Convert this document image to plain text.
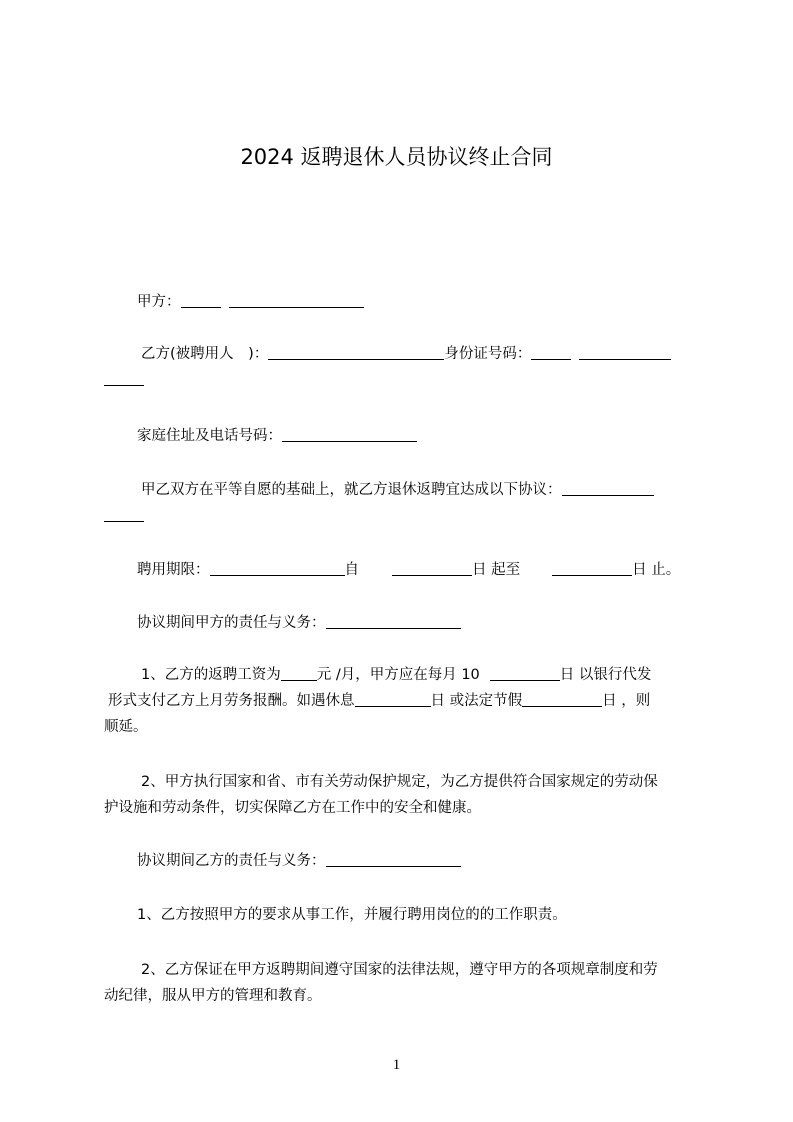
2024 返聘退休人员协议终止合同
甲方：
乙方(被聘用人　)：	身份证号码：
家庭住址及电话号码：
甲乙双方在平等自愿的基础上，就乙方退休返聘宜达成以下协议：
聘用期限：	自	日 起至	日 止。
协议期间甲方的责任与义务：
1、乙方的返聘工资为 元 /月，甲方应在每月 10	日 以银行代发
形式支付乙方上月劳务报酬。如遇休息	日 或法定节假	日 ，则
顺延。
2、甲方执行国家和省、市有关劳动保护规定，为乙方提供符合国家规定的劳动保
护设施和劳动条件，切实保障乙方在工作中的安全和健康。
协议期间乙方的责任与义务：
1、乙方按照甲方的要求从事工作，并履行聘用岗位的的工作职责。
2、乙方保证在甲方返聘期间遵守国家的法律法规，遵守甲方的各项规章制度和劳
动纪律，服从甲方的管理和教育。
1
